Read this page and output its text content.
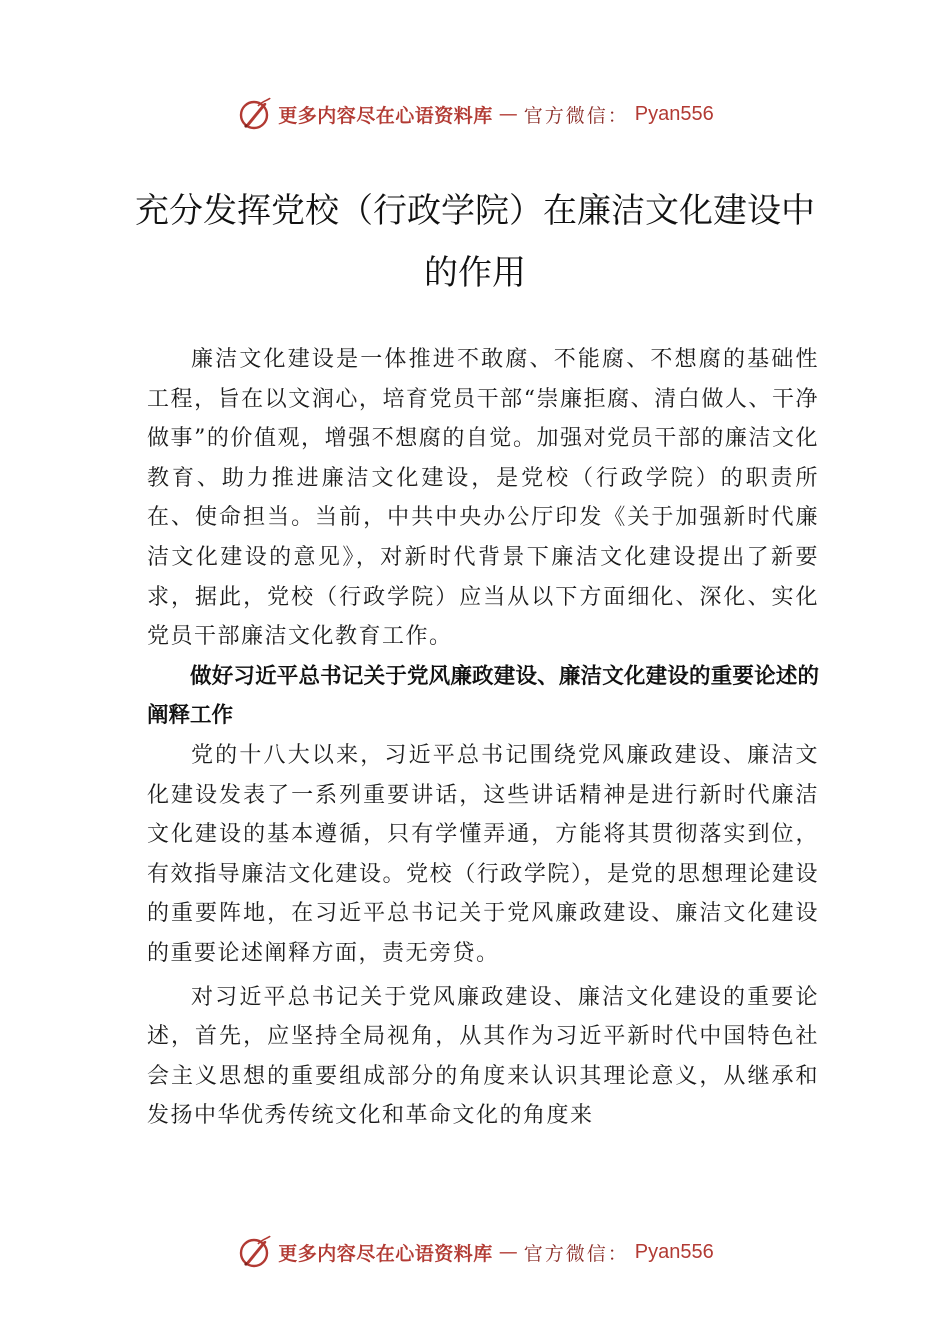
更多内容尽在心语资料库 — 官方微信： Pyan556
充分发挥党校（行政学院）在廉洁文化建设中的作用

廉洁文化建设是一体推进不敢腐、不能腐、不想腐的基础性工程，旨在以文润心，培育党员干部“崇廉拒腐、清白做人、干净做事”的价值观，增强不想腐的自觉。加强对党员干部的廉洁文化教育、助力推进廉洁文化建设，是党校（行政学院）的职责所在、使命担当。当前，中共中央办公厅印发《关于加强新时代廉洁文化建设的意见》，对新时代背景下廉洁文化建设提出了新要求，据此，党校（行政学院）应当从以下方面细化、深化、实化党员干部廉洁文化教育工作。

做好习近平总书记关于党风廉政建设、廉洁文化建设的重要论述的阐释工作

党的十八大以来，习近平总书记围绕党风廉政建设、廉洁文化建设发表了一系列重要讲话，这些讲话精神是进行新时代廉洁文化建设的基本遵循，只有学懂弄通，方能将其贯彻落实到位，有效指导廉洁文化建设。党校（行政学院），是党的思想理论建设的重要阵地，在习近平总书记关于党风廉政建设、廉洁文化建设的重要论述阐释方面，责无旁贷。

对习近平总书记关于党风廉政建设、廉洁文化建设的重要论述，首先，应坚持全局视角，从其作为习近平新时代中国特色社会主义思想的重要组成部分的角度来认识其理论意义，从继承和发扬中华优秀传统文化和革命文化的角度来

更多内容尽在心语资料库 — 官方微信： Pyan556
